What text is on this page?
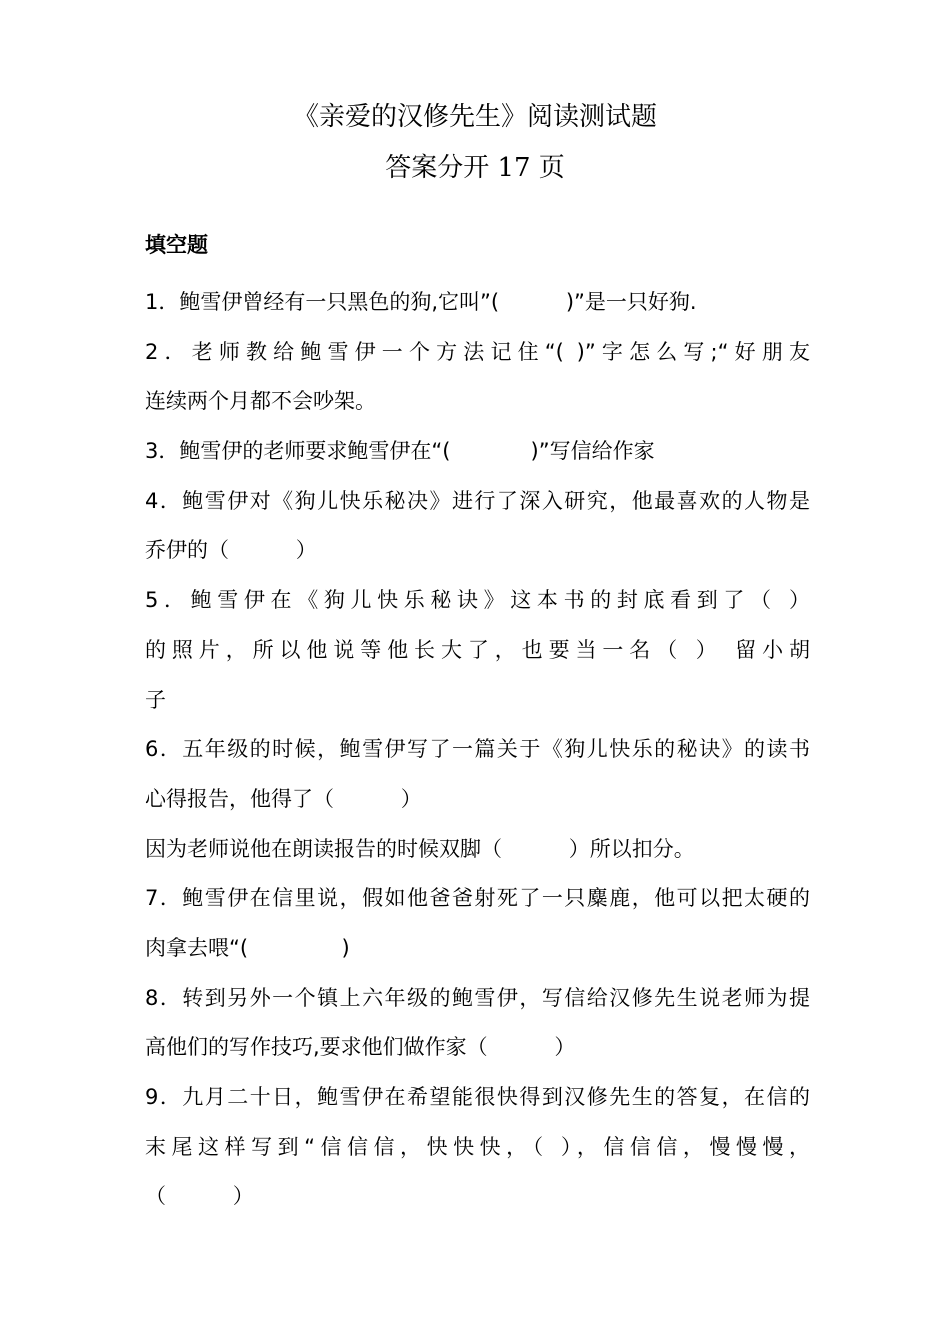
《亲爱的汉修先生》阅读测试题
答案分开 17 页
填空题
1．鲍雪伊曾经有一只黑色的狗,它叫”(          )”是一只好狗.
2．老师教给鲍雪伊一个方法记住“( )”字怎么写;“好朋友
连续两个月都不会吵架。
3．鲍雪伊的老师要求鲍雪伊在“(            )”写信给作家
4．鲍雪伊对《狗儿快乐秘决》进行了深入研究，他最喜欢的人物是
乔伊的（          ）
5．鲍雪伊在《狗儿快乐秘诀》这本书的封底看到了（ ）
的照片，所以他说等他长大了，也要当一名（ ） 留小胡
子
6．五年级的时候，鲍雪伊写了一篇关于《狗儿快乐的秘诀》的读书
心得报告，他得了（          ）
因为老师说他在朗读报告的时候双脚（          ）所以扣分。
7．鲍雪伊在信里说，假如他爸爸射死了一只麋鹿，他可以把太硬的
肉拿去喂“(              )
8．转到另外一个镇上六年级的鲍雪伊，写信给汉修先生说老师为提
高他们的写作技巧,要求他们做作家（          ）
9．九月二十日，鲍雪伊在希望能很快得到汉修先生的答复，在信的
末尾这样写到“信信信，快快快，（ ），信信信，慢慢慢，
（          ）
